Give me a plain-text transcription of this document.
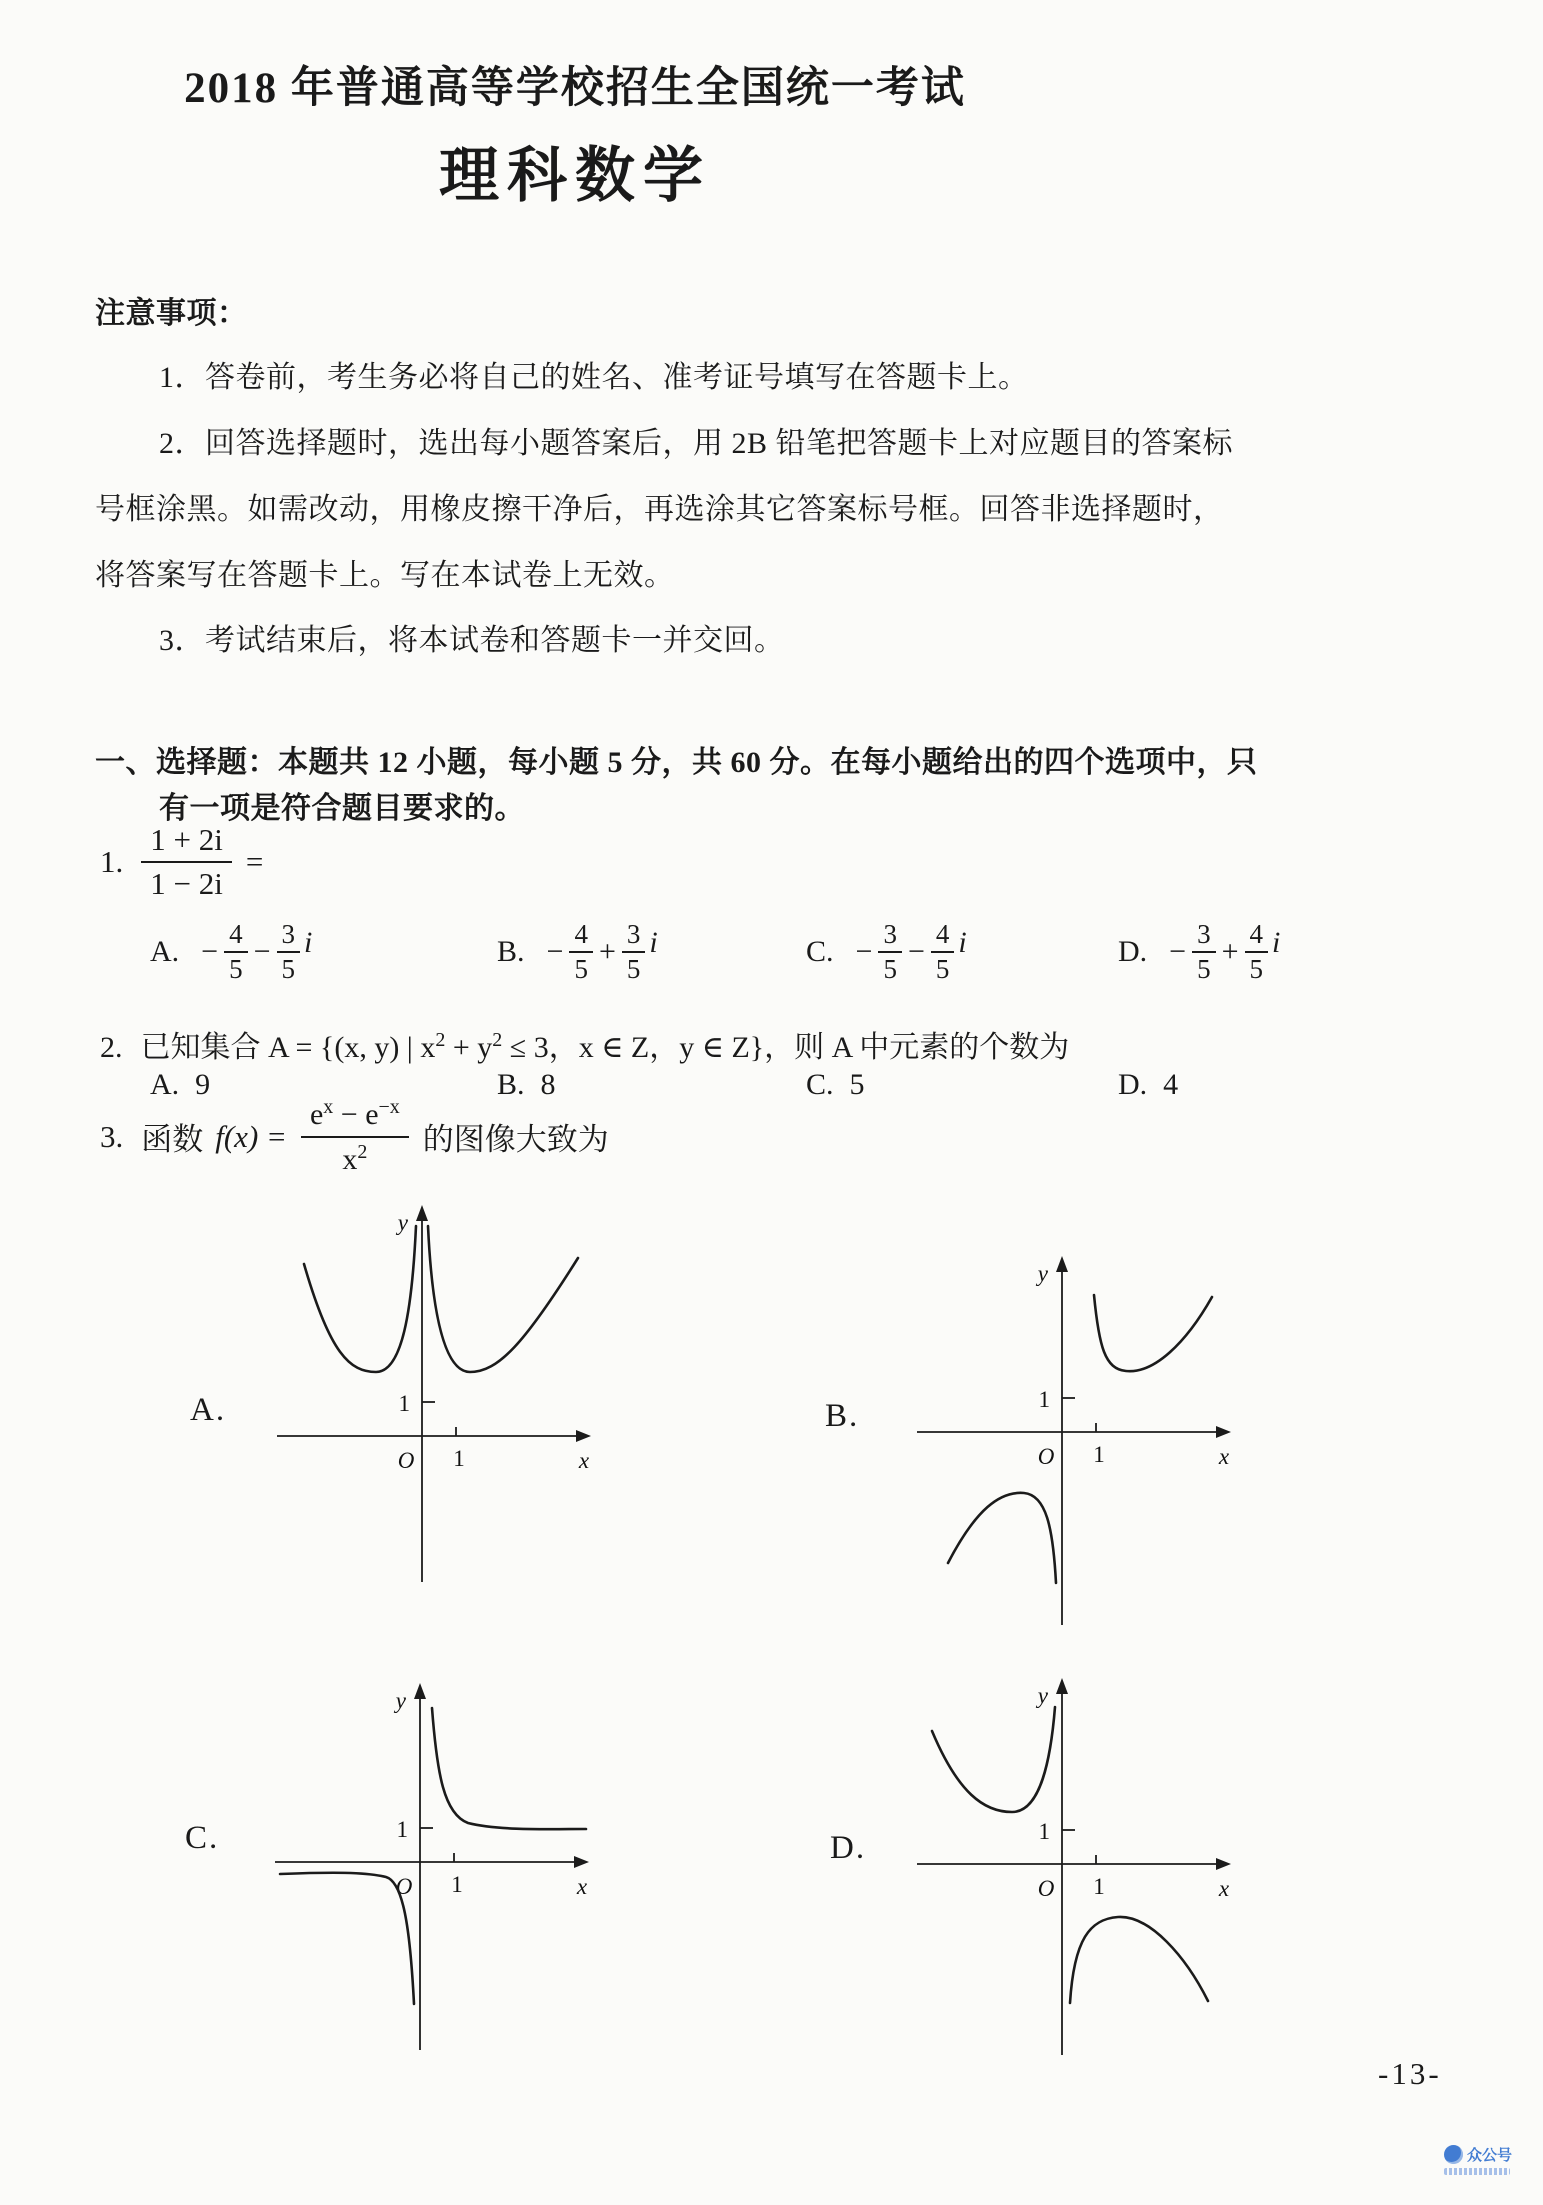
2018 年普通高等学校招生全国统一考试
理科数学
注意事项：
1．答卷前，考生务必将自己的姓名、准考证号填写在答题卡上。
2．回答选择题时，选出每小题答案后，用 2B 铅笔把答题卡上对应题目的答案标
号框涂黑。如需改动，用橡皮擦干净后，再选涂其它答案标号框。回答非选择题时，
将答案写在答题卡上。写在本试卷上无效。
3．考试结束后，将本试卷和答题卡一并交回。
一、选择题：本题共 12 小题，每小题 5 分，共 60 分。在每小题给出的四个选项中，只
有一项是符合题目要求的。
1. $\frac{1 + 2i}{1 - 2i}$ =
A. − $\frac{4}{5} - \frac{3}{5}$ i	B. − $\frac{4}{5} + \frac{3}{5}$ i	C. − $\frac{3}{5} - \frac{4}{5}$ i	D. − $\frac{3}{5} + \frac{4}{5}$ i
2. 已知集合 A = {(x, y) | $x^2 + y^2 \le 3$，x ∈ Z，y ∈ Z}，则 A 中元素的个数为
A. 9	B. 8	C. 5	D. 4
3. 函数 $f(x) = \frac{e^x - e^{-x}}{x^2}$ 的图像大致为
A.	1
1
y
x
O
B.	1
1
y
x
O
C.	1
1
y
x
O
D.	1
1
y
x
O
-13-
众公号
